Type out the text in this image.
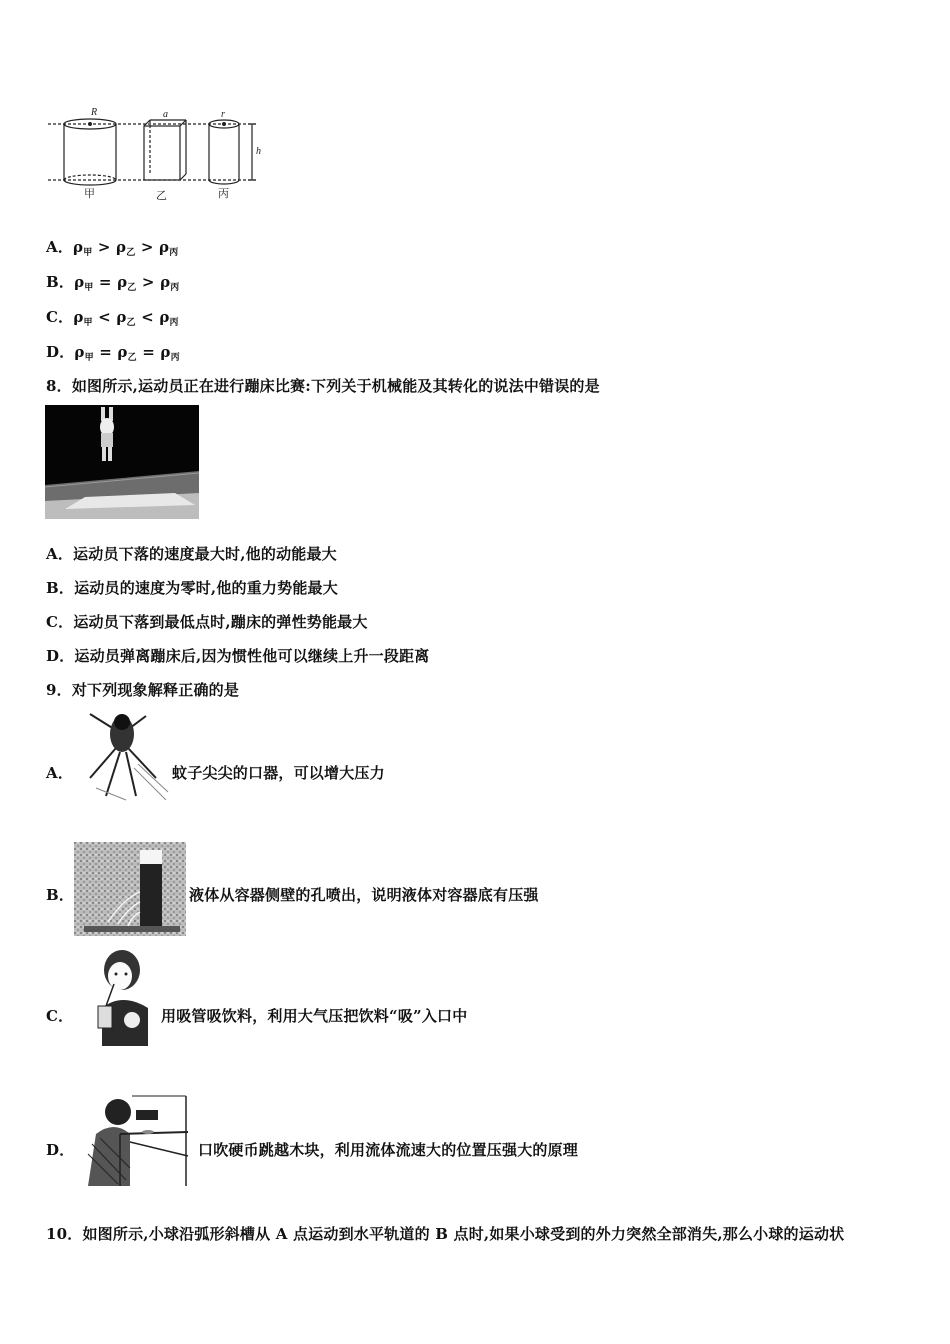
R	a	r
h
甲	乙	丙
A．$\rho_甲 > \rho_乙 > \rho_丙$
B．$\rho_甲 = \rho_乙 > \rho_丙$
C．$\rho_甲 < \rho_乙 < \rho_丙$
D．$\rho_甲 = \rho_乙 = \rho_丙$
8．如图所示,运动员正在进行蹦床比赛:下列关于机械能及其转化的说法中错误的是
A．运动员下落的速度最大时,他的动能最大
B．运动员的速度为零时,他的重力势能最大
C．运动员下落到最低点时,蹦床的弹性势能最大
D．运动员弹离蹦床后,因为惯性他可以继续上升一段距离
9．对下列现象解释正确的是
A．	蚊子尖尖的口器，可以增大压力
B．	液体从容器侧壁的孔喷出，说明液体对容器底有压强
C．	用吸管吸饮料，利用大气压把饮料“吸”入口中
D．	口吹硬币跳越木块，利用流体流速大的位置压强大的原理
10．如图所示,小球沿弧形斜槽从 A 点运动到水平轨道的 B 点时,如果小球受到的外力突然全部消失,那么小球的运动状
